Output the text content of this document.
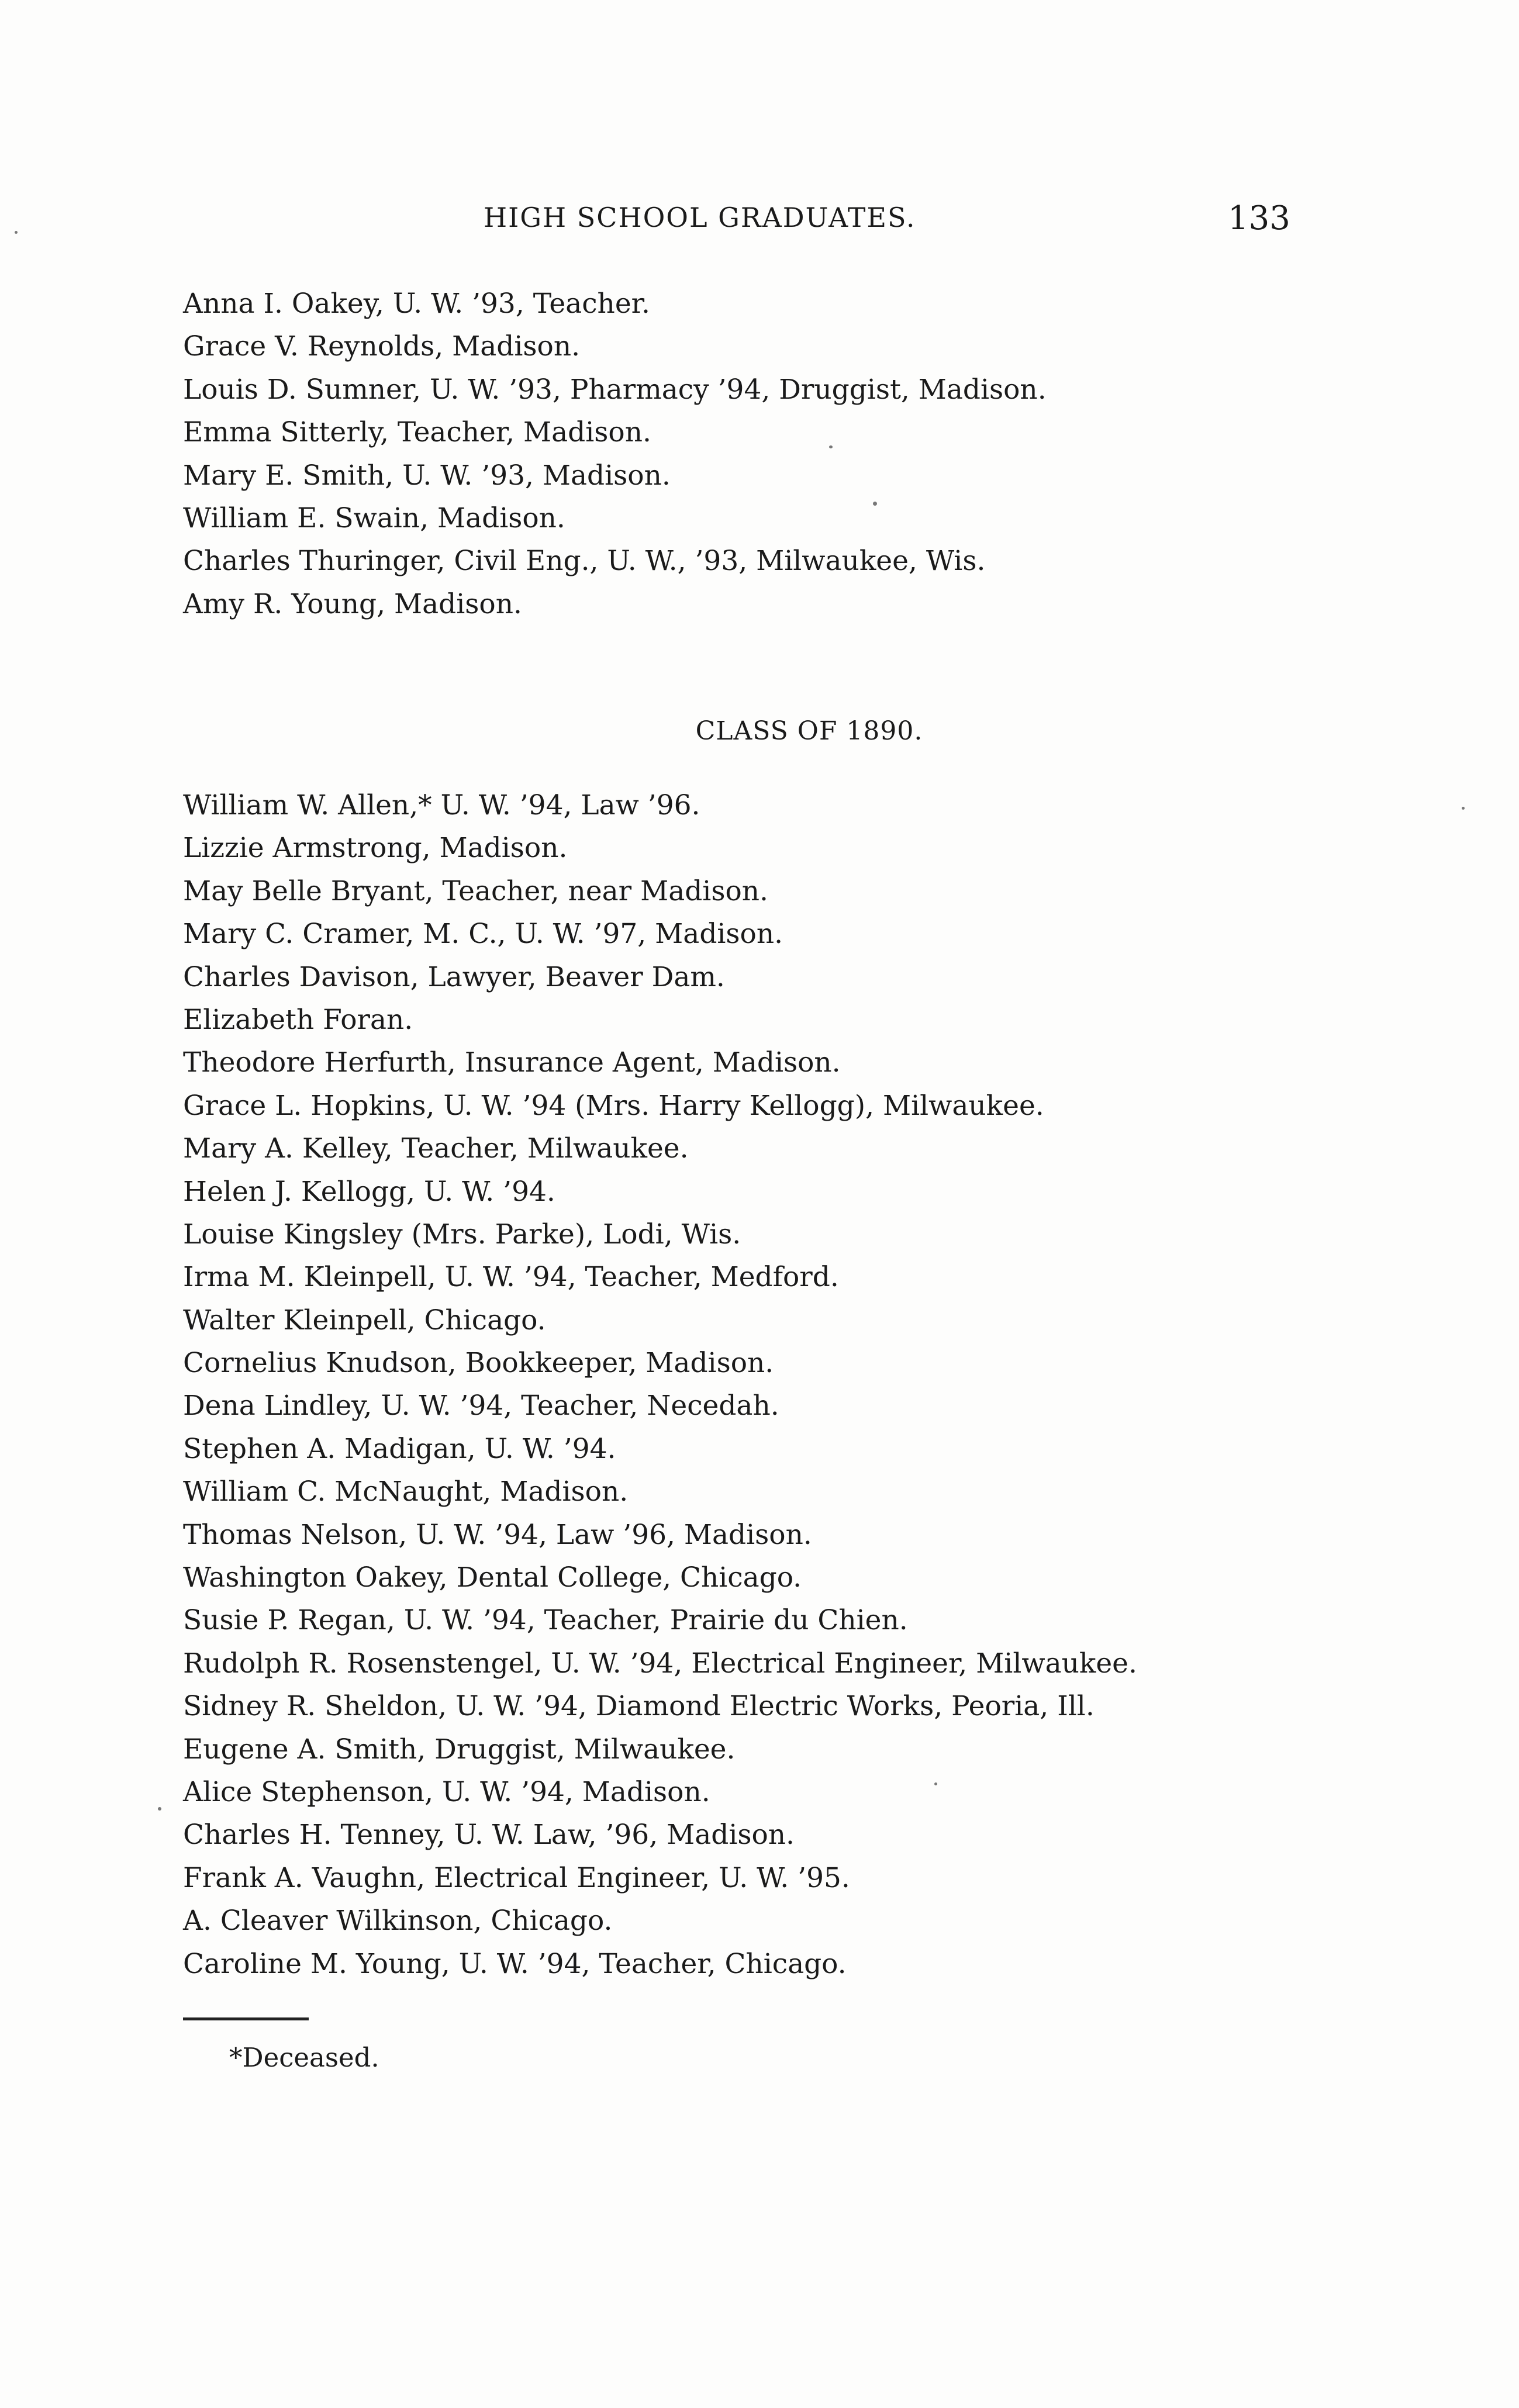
HIGH SCHOOL GRADUATES.	133
Anna I. Oakey, U. W. ’93, Teacher.
Grace V. Reynolds, Madison.
Louis D. Sumner, U. W. ’93, Pharmacy ’94, Druggist, Madison.
Emma Sitterly, Teacher, Madison.
Mary E. Smith, U. W. ’93, Madison.
William E. Swain, Madison.
Charles Thuringer, Civil Eng., U. W., ’93, Milwaukee, Wis.
Amy R. Young, Madison.
CLASS OF 1890.
William W. Allen,* U. W. ’94, Law ’96.
Lizzie Armstrong, Madison.
May Belle Bryant, Teacher, near Madison.
Mary C. Cramer, M. C., U. W. ’97, Madison.
Charles Davison, Lawyer, Beaver Dam.
Elizabeth Foran.
Theodore Herfurth, Insurance Agent, Madison.
Grace L. Hopkins, U. W. ’94 (Mrs. Harry Kellogg), Milwaukee.
Mary A. Kelley, Teacher, Milwaukee.
Helen J. Kellogg, U. W. ’94.
Louise Kingsley (Mrs. Parke), Lodi, Wis.
Irma M. Kleinpell, U. W. ’94, Teacher, Medford.
Walter Kleinpell, Chicago.
Cornelius Knudson, Bookkeeper, Madison.
Dena Lindley, U. W. ’94, Teacher, Necedah.
Stephen A. Madigan, U. W. ’94.
William C. McNaught, Madison.
Thomas Nelson, U. W. ’94, Law ’96, Madison.
Washington Oakey, Dental College, Chicago.
Susie P. Regan, U. W. ’94, Teacher, Prairie du Chien.
Rudolph R. Rosenstengel, U. W. ’94, Electrical Engineer, Milwaukee.
Sidney R. Sheldon, U. W. ’94, Diamond Electric Works, Peoria, Ill.
Eugene A. Smith, Druggist, Milwaukee.
Alice Stephenson, U. W. ’94, Madison.
Charles H. Tenney, U. W. Law, ’96, Madison.
Frank A. Vaughn, Electrical Engineer, U. W. ’95.
A. Cleaver Wilkinson, Chicago.
Caroline M. Young, U. W. ’94, Teacher, Chicago.
*Deceased.
